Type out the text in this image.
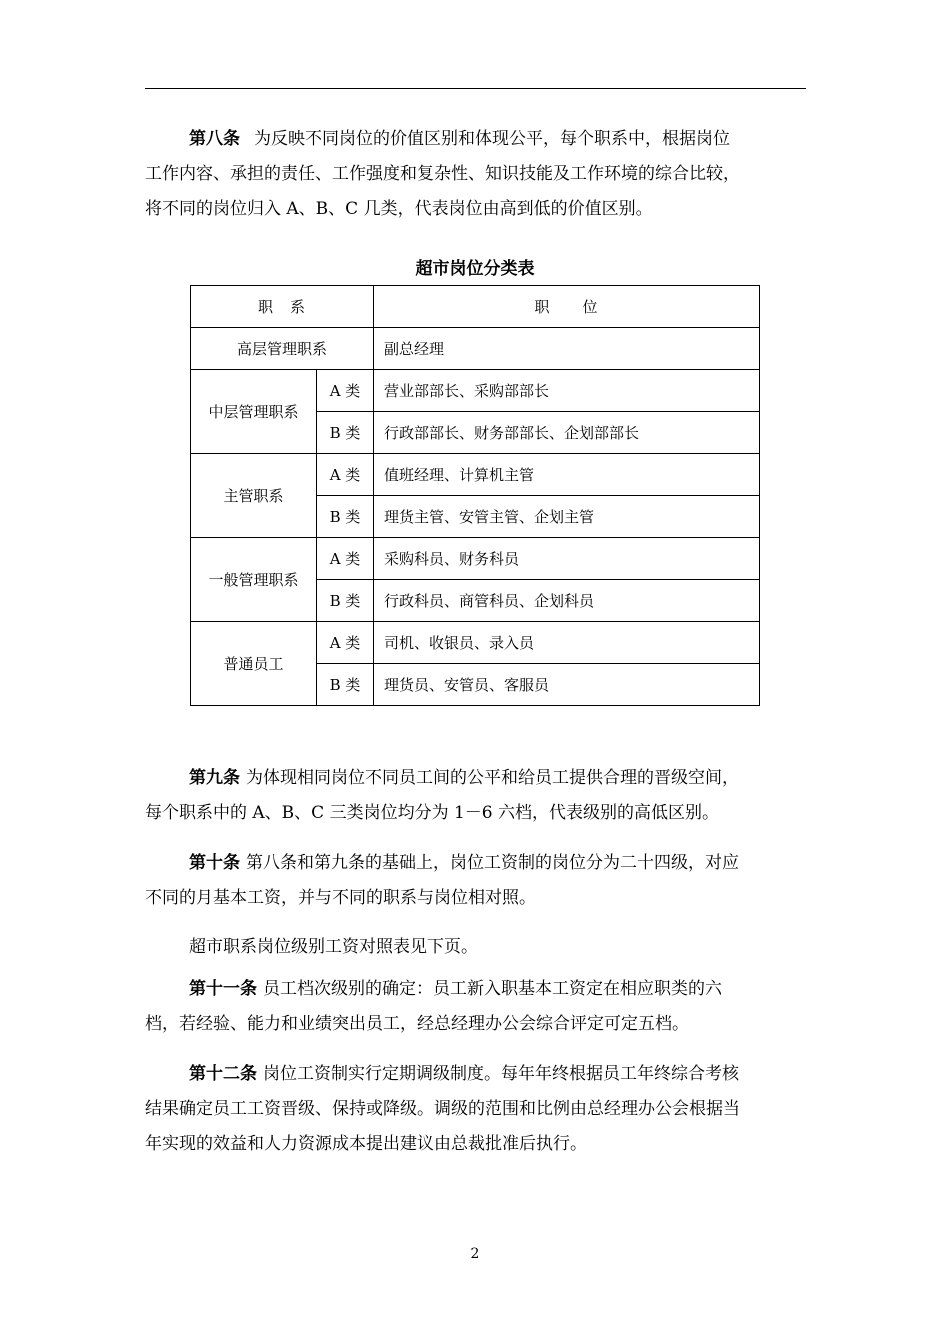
第八条 为反映不同岗位的价值区别和体现公平，每个职系中，根据岗位
工作内容、承担的责任、工作强度和复杂性、知识技能及工作环境的综合比较，
将不同的岗位归入 A、B、C 几类，代表岗位由高到低的价值区别。
超市岗位分类表
职　系		职　　位
高层管理职系		副总经理
中层管理职系	A 类	营业部部长、采购部部长
	B 类	行政部部长、财务部部长、企划部部长
主管职系	A 类	值班经理、计算机主管
	B 类	理货主管、安管主管、企划主管
一般管理职系	A 类	采购科员、财务科员
	B 类	行政科员、商管科员、企划科员
普通员工	A 类	司机、收银员、录入员
	B 类	理货员、安管员、客服员
第九条 为体现相同岗位不同员工间的公平和给员工提供合理的晋级空间，
每个职系中的 A、B、C 三类岗位均分为 1－6 六档，代表级别的高低区别。
第十条 第八条和第九条的基础上，岗位工资制的岗位分为二十四级，对应
不同的月基本工资，并与不同的职系与岗位相对照。
超市职系岗位级别工资对照表见下页。
第十一条 员工档次级别的确定：员工新入职基本工资定在相应职类的六
档，若经验、能力和业绩突出员工，经总经理办公会综合评定可定五档。
第十二条 岗位工资制实行定期调级制度。每年年终根据员工年终综合考核
结果确定员工工资晋级、保持或降级。调级的范围和比例由总经理办公会根据当
年实现的效益和人力资源成本提出建议由总裁批准后执行。
2
